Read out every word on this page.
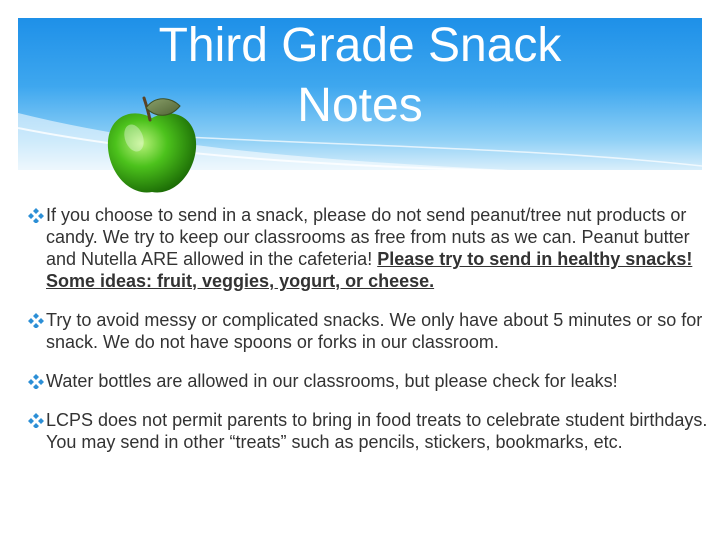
Third Grade Snack
Notes
If you choose to send in a snack, please do not send peanut/tree nut products or candy. We try to keep our classrooms as free from nuts as we can. Peanut butter and Nutella ARE allowed in the cafeteria! Please try to send in healthy snacks! Some ideas: fruit, veggies, yogurt, or cheese.
Try to avoid messy or complicated snacks. We only have about 5 minutes or so for snack. We do not have spoons or forks in our classroom.
Water bottles are allowed in our classrooms, but please check for leaks!
LCPS does not permit parents to bring in food treats to celebrate student birthdays. You may send in other “treats” such as pencils, stickers, bookmarks, etc.
